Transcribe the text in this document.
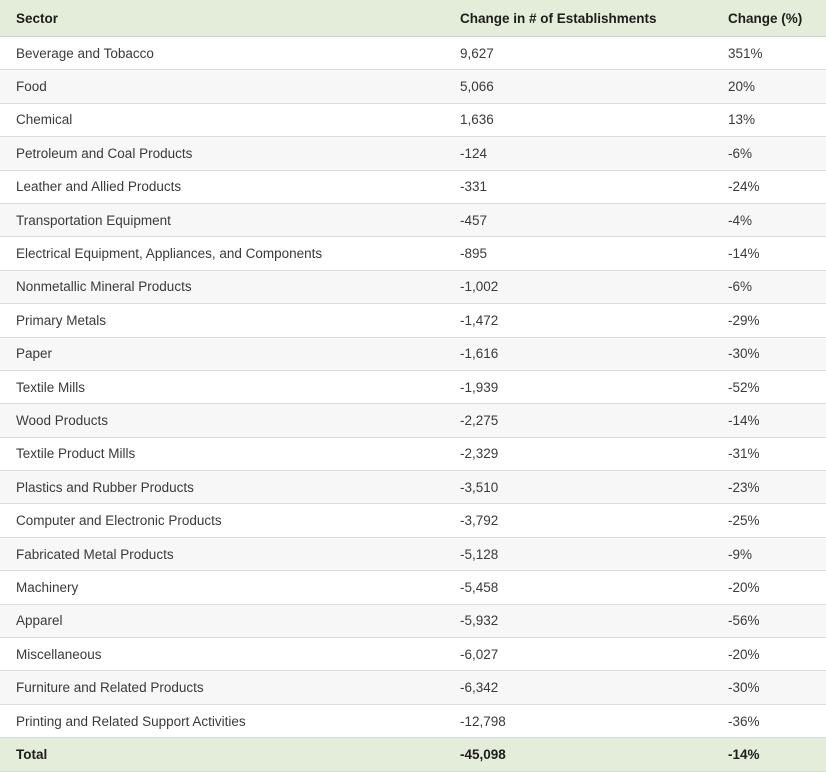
Sector	Change in # of Establishments	Change (%)
Beverage and Tobacco	9,627	351%
Food	5,066	20%
Chemical	1,636	13%
Petroleum and Coal Products	-124	-6%
Leather and Allied Products	-331	-24%
Transportation Equipment	-457	-4%
Electrical Equipment, Appliances, and Components	-895	-14%
Nonmetallic Mineral Products	-1,002	-6%
Primary Metals	-1,472	-29%
Paper	-1,616	-30%
Textile Mills	-1,939	-52%
Wood Products	-2,275	-14%
Textile Product Mills	-2,329	-31%
Plastics and Rubber Products	-3,510	-23%
Computer and Electronic Products	-3,792	-25%
Fabricated Metal Products	-5,128	-9%
Machinery	-5,458	-20%
Apparel	-5,932	-56%
Miscellaneous	-6,027	-20%
Furniture and Related Products	-6,342	-30%
Printing and Related Support Activities	-12,798	-36%
Total	-45,098	-14%
